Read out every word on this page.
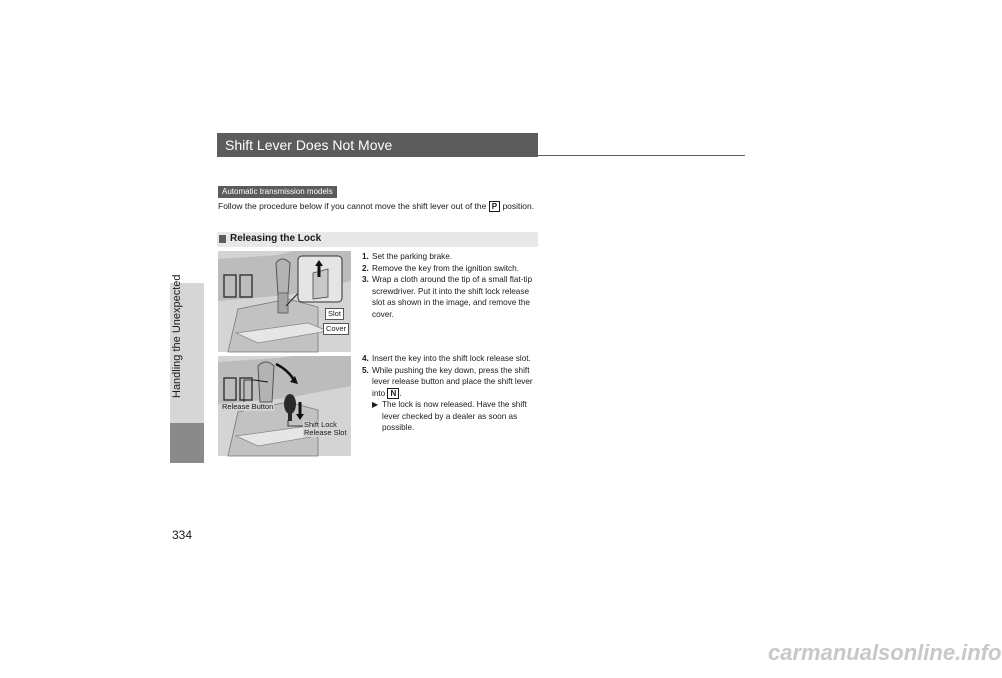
Handling the Unexpected
334
Shift Lever Does Not Move
Automatic transmission models
Follow the procedure below if you cannot move the shift lever out of the P position.
Releasing the Lock
Slot
Cover
Release Button
Shift Lock Release Slot
1. Set the parking brake.
2. Remove the key from the ignition switch.
3. Wrap a cloth around the tip of a small flat-tip screwdriver. Put it into the shift lock release slot as shown in the image, and remove the cover.
4. Insert the key into the shift lock release slot.
5. While pushing the key down, press the shift lever release button and place the shift lever into N .
▶ The lock is now released. Have the shift lever checked by a dealer as soon as possible.
carmanualsonline.info
